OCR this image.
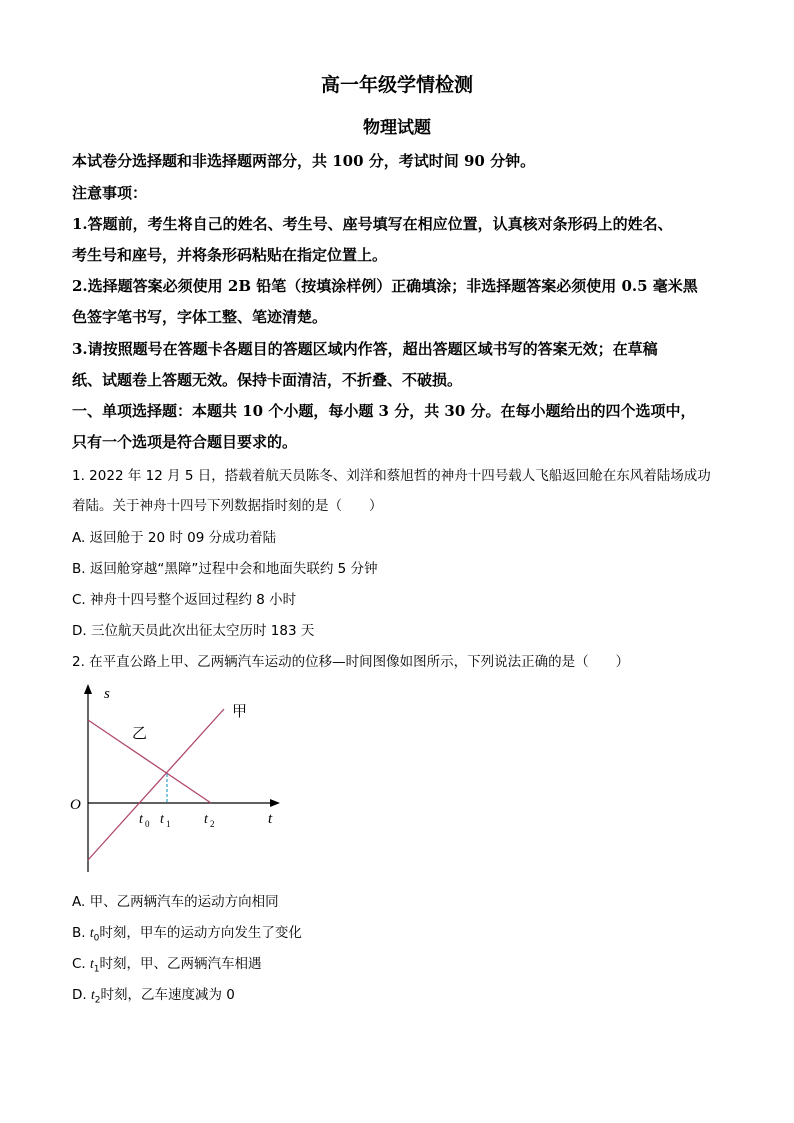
高一年级学情检测
物理试题
本试卷分选择题和非选择题两部分，共 100 分，考试时间 90 分钟。
注意事项：
1.答题前，考生将自己的姓名、考生号、座号填写在相应位置，认真核对条形码上的姓名、
考生号和座号，并将条形码粘贴在指定位置上。
2.选择题答案必须使用 2B 铅笔（按填涂样例）正确填涂；非选择题答案必须使用 0.5 毫米黑
色签字笔书写，字体工整、笔迹清楚。
3.请按照题号在答题卡各题目的答题区域内作答，超出答题区域书写的答案无效；在草稿
纸、试题卷上答题无效。保持卡面清洁，不折叠、不破损。
一、单项选择题：本题共 10 个小题，每小题 3 分，共 30 分。在每小题给出的四个选项中，
只有一个选项是符合题目要求的。
1. 2022 年 12 月 5 日，搭载着航天员陈冬、刘洋和蔡旭哲的神舟十四号载人飞船返回舱在东风着陆场成功
着陆。关于神舟十四号下列数据指时刻的是（　　）
A. 返回舱于 20 时 09 分成功着陆
B. 返回舱穿越“黑障”过程中会和地面失联约 5 分钟
C. 神舟十四号整个返回过程约 8 小时
D. 三位航天员此次出征太空历时 183 天
2. 在平直公路上甲、乙两辆汽车运动的位移—时间图像如图所示，下列说法正确的是（　　）
s
O
t
甲
乙
t 0 t 1 t 2
A. 甲、乙两辆汽车的运动方向相同
B. $t_0$时刻，甲车的运动方向发生了变化
C. $t_1$时刻，甲、乙两辆汽车相遇
D. $t_2$时刻，乙车速度减为 0
